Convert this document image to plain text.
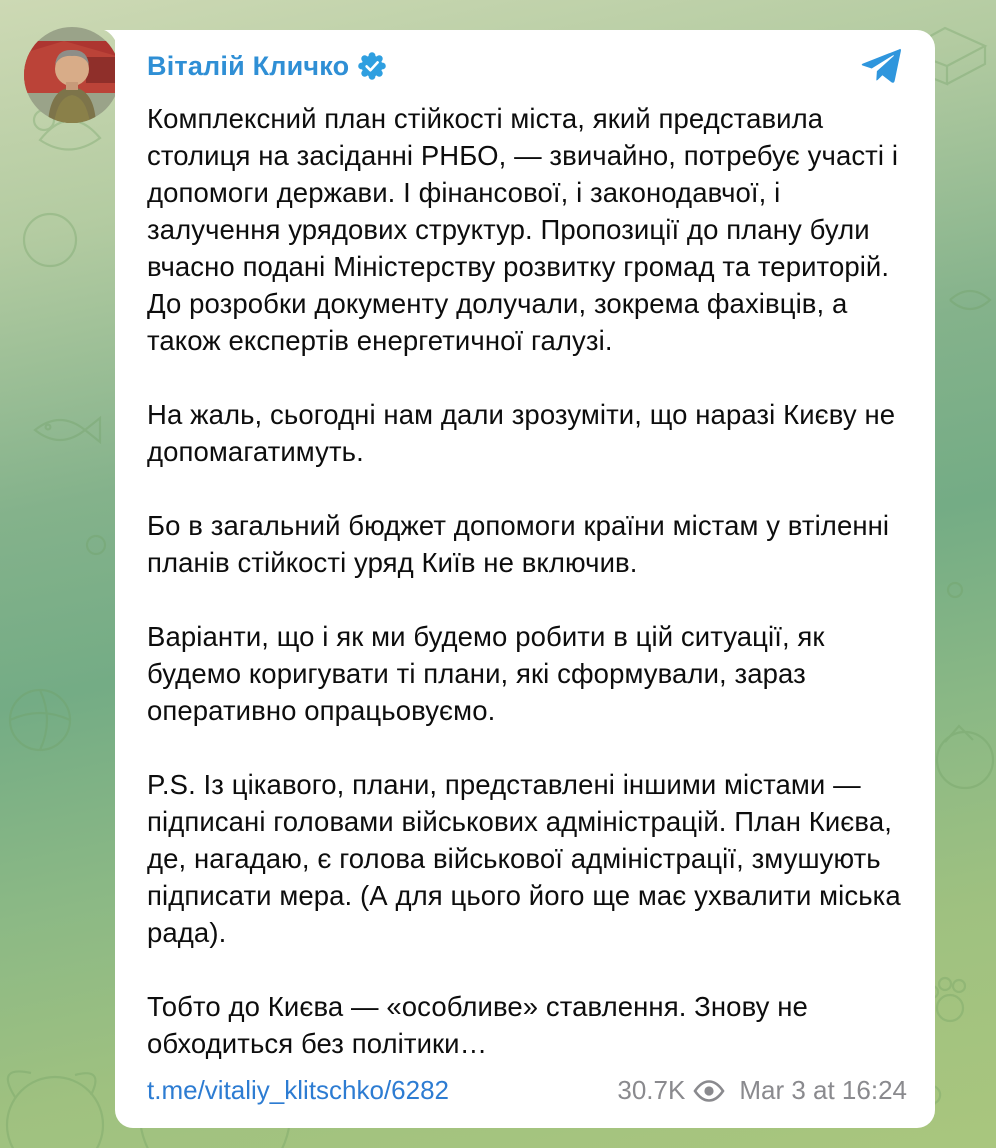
Віталій Кличко

Комплексний план стійкості міста, який представила столиця на засіданні РНБО, — звичайно, потребує участі і допомоги держави. І фінансової, і законодавчої, і залучення урядових структур. Пропозиції до плану були вчасно подані Міністерству розвитку громад та територій. До розробки документу долучали, зокрема фахівців, а також експертів енергетичної галузі.

На жаль, сьогодні нам дали зрозуміти, що наразі Києву не допомагатимуть.

Бо в загальний бюджет допомоги країни містам у втіленні планів стійкості уряд Київ не включив.

Варіанти, що і як ми будемо робити в цій ситуації, як будемо коригувати ті плани, які сформували, зараз оперативно опрацьовуємо.

P.S. Із цікавого, плани, представлені іншими містами — підписані головами військових адміністрацій. План Києва, де, нагадаю, є голова військової адміністрації, змушують підписати мера. (А для цього його ще має ухвалити міська рада).

Тобто до Києва — «особливе» ставлення. Знову не обходиться без політики…

t.me/vitaliy_klitschko/6282	30.7K Mar 3 at 16:24
